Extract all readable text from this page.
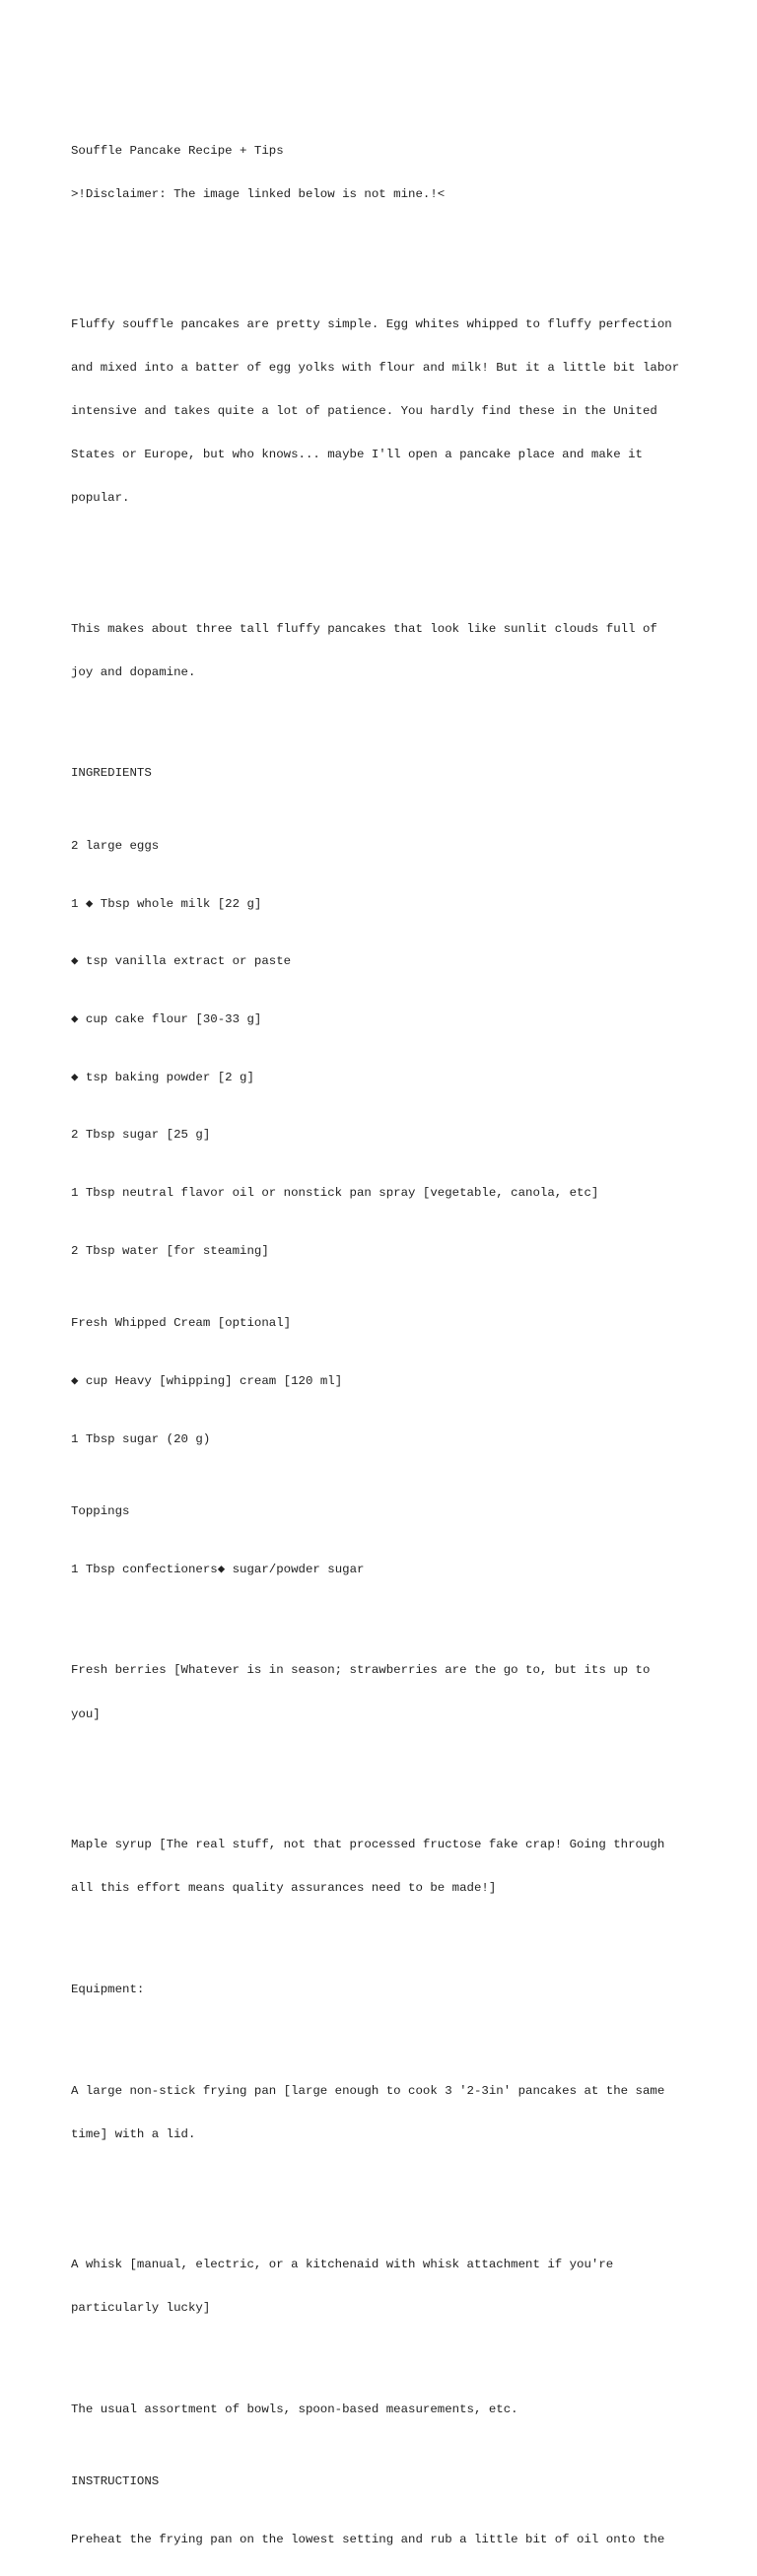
Souffle Pancake Recipe + Tips

>!Disclaimer: The image linked below is not mine.!<

Fluffy souffle pancakes are pretty simple. Egg whites whipped to fluffy perfection

and mixed into a batter of egg yolks with flour and milk! But it a little bit labor

intensive and takes quite a lot of patience. You hardly find these in the United

States or Europe, but who knows... maybe I'll open a pancake place and make it

popular.

This makes about three tall fluffy pancakes that look like sunlit clouds full of

joy and dopamine.

INGREDIENTS

2 large eggs

1 ◆ Tbsp whole milk [22 g]

◆ tsp vanilla extract or paste

◆ cup cake flour [30-33 g]

◆ tsp baking powder [2 g]

2 Tbsp sugar [25 g]

1 Tbsp neutral flavor oil or nonstick pan spray [vegetable, canola, etc]

2 Tbsp water [for steaming]

Fresh Whipped Cream [optional]

◆ cup Heavy [whipping] cream [120 ml]

1 Tbsp sugar (20 g)

Toppings

1 Tbsp confectioners◆ sugar/powder sugar

Fresh berries [Whatever is in season; strawberries are the go to, but its up to

you]

Maple syrup [The real stuff, not that processed fructose fake crap! Going through

all this effort means quality assurances need to be made!]

Equipment:

A large non-stick frying pan [large enough to cook 3 '2-3in' pancakes at the same

time] with a lid.

A whisk [manual, electric, or a kitchenaid with whisk attachment if you're

particularly lucky]

The usual assortment of bowls, spoon-based measurements, etc.

INSTRUCTIONS

Preheat the frying pan on the lowest setting and rub a little bit of oil onto the
